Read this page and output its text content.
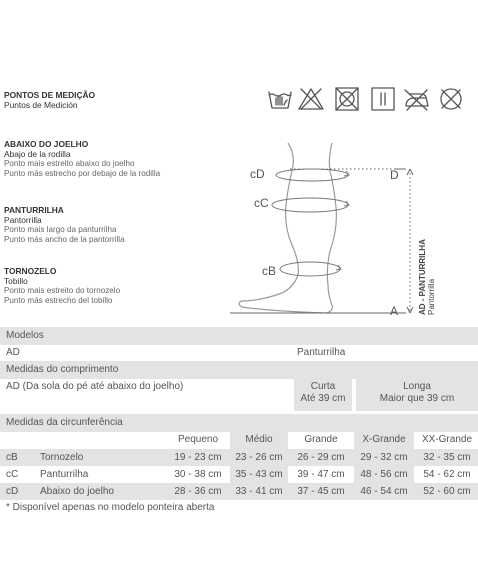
PONTOS DE MEDIÇÃO
Puntos de Medición
ABAIXO DO JOELHO
Abajo de la rodilla
Ponto mais estreito abaixo do joelho
Punto más estrecho por debajo de la rodilla
PANTURRILHA
Pantorrilla
Ponto mais largo da panturrilha
Punto más ancho de la pantorrilla
TORNOZELO
Tobillo
Ponto mais estreito do tornozelo
Punto más estrecho del tobillo
cD
cC
cB
D
A AD - PANTURRILHA Pantorrilla
Modelos
AD	Panturrilha
Medidas do comprimento
AD (Da sola do pé até abaixo do joelho)	Curta
Até 39 cm
Longa
Maior que 39 cm
Medidas da circunferência
Pequeno	Médio	Grande	X-Grande	XX-Grande
cB Tornozelo	19 - 23 cm	23 - 26 cm	26 - 29 cm	29 - 32 cm	32 - 35 cm
cC Panturrilha	30 - 38 cm	35 - 43 cm	39 - 47 cm	48 - 56 cm	54 - 62 cm
cD Abaixo do joelho	28 - 36 cm	33 - 41 cm	37 - 45 cm	46 - 54 cm	52 - 60 cm
* Disponível apenas no modelo ponteira aberta
